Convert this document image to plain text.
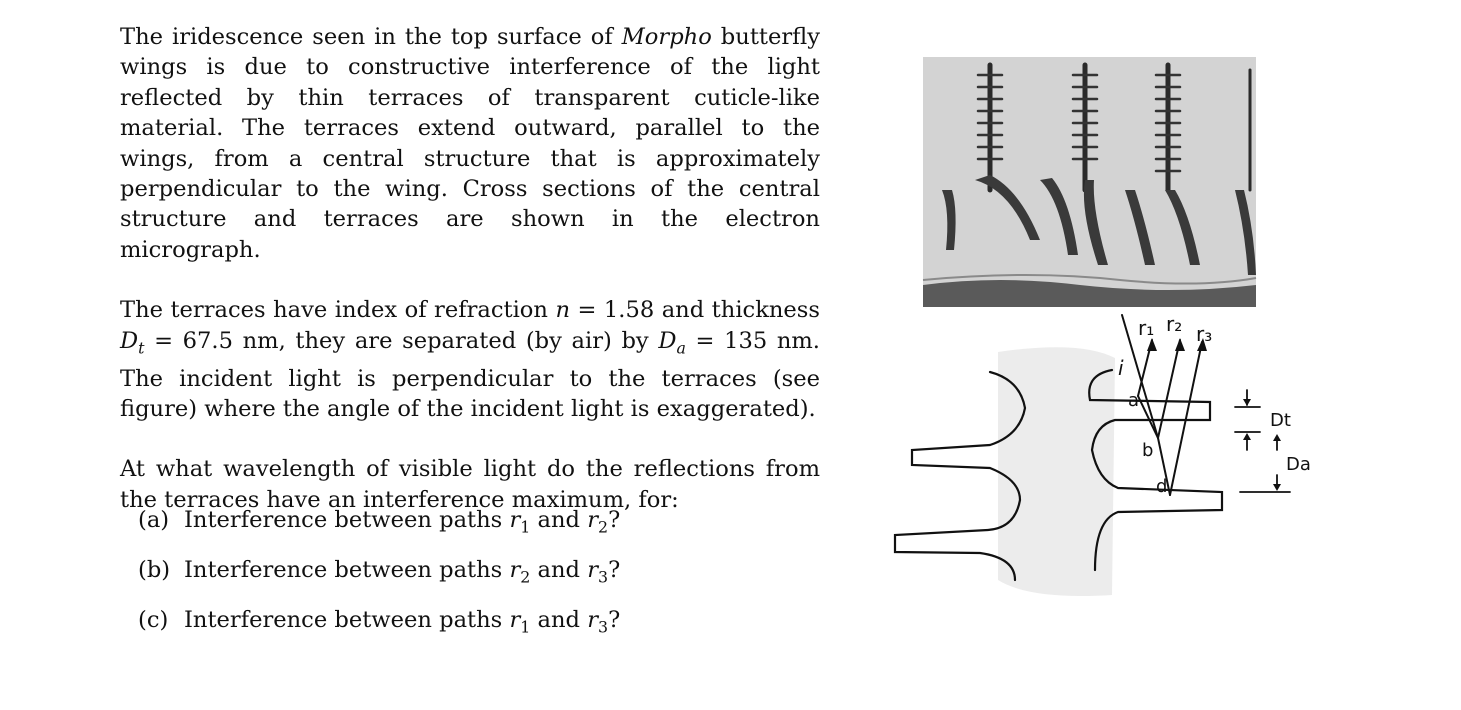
The iridescence seen in the top surface of Morpho butterfly wings is due to constructive interference of the light reflected by thin terraces of transparent cuticle-like material. The terraces extend outward, parallel to the wings, from a central structure that is approximately perpendicular to the wing. Cross sections of the central structure and terraces are shown in the electron micrograph.

The terraces have index of refraction n = 1.58 and thickness $D_t = 67.5$ nm, they are separated (by air) by $D_a = 135$ nm. The incident light is perpendicular to the terraces (see figure) where the angle of the incident light is exaggerated).

At what wavelength of visible light do the reflections from the terraces have an interference maximum, for:

(a) Interference between paths $r_1$ and $r_2$?
(b) Interference between paths $r_2$ and $r_3$?
(c) Interference between paths $r_1$ and $r_3$?
r₁ r₂ r₃
i
a
b
d
Dt
Da
